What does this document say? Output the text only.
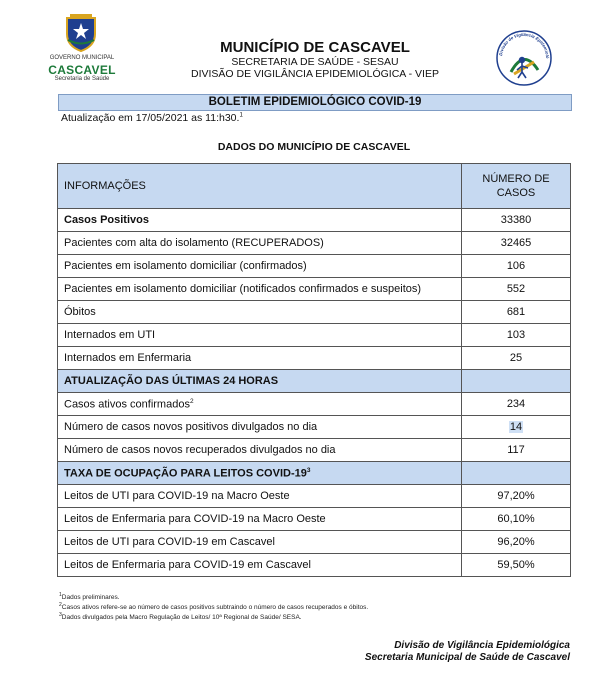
GOVERNO MUNICIPAL
CASCAVEL
Secretaria de Saúde
MUNICÍPIO DE CASCAVEL
SECRETARIA DE SAÚDE - SESAU
DIVISÃO DE VIGILÂNCIA EPIDEMIOLÓGICA - VIEP
Divisão de Vigilância Epidemioló
BOLETIM EPIDEMIOLÓGICO COVID-19
Atualização em 17/05/2021 as 11:h30.$^1$
DADOS DO MUNICÍPIO DE CASCAVEL
INFORMAÇÕES	NÚMERO DE
CASOS
Casos Positivos	33380
Pacientes com alta do isolamento (RECUPERADOS)	32465
Pacientes em isolamento domiciliar (confirmados)	106
Pacientes em isolamento domiciliar (notificados confirmados e suspeitos)	552
Óbitos	681
Internados em UTI	103
Internados em Enfermaria	25
ATUALIZAÇÃO DAS ÚLTIMAS 24 HORAS	
Casos ativos confirmados$^2$	234
Número de casos novos positivos divulgados no dia	14
Número de casos novos recuperados divulgados no dia	117
TAXA DE OCUPAÇÃO PARA LEITOS COVID-$19^3$	
Leitos de UTI para COVID-19 na Macro Oeste	97,20%
Leitos de Enfermaria para COVID-19 na Macro Oeste	60,10%
Leitos de UTI para COVID-19 em Cascavel	96,20%
Leitos de Enfermaria para COVID-19 em Cascavel	59,50%
$^1$Dados preliminares.
$^2$Casos ativos refere-se ao número de casos positivos subtraindo o número de casos recuperados e óbitos.
$^3$Dados divulgados pela Macro Regulação de Leitos/ 10ª Regional de Saúde/ SESA.
Divisão de Vigilância Epidemiológica
Secretaria Municipal de Saúde de Cascavel
